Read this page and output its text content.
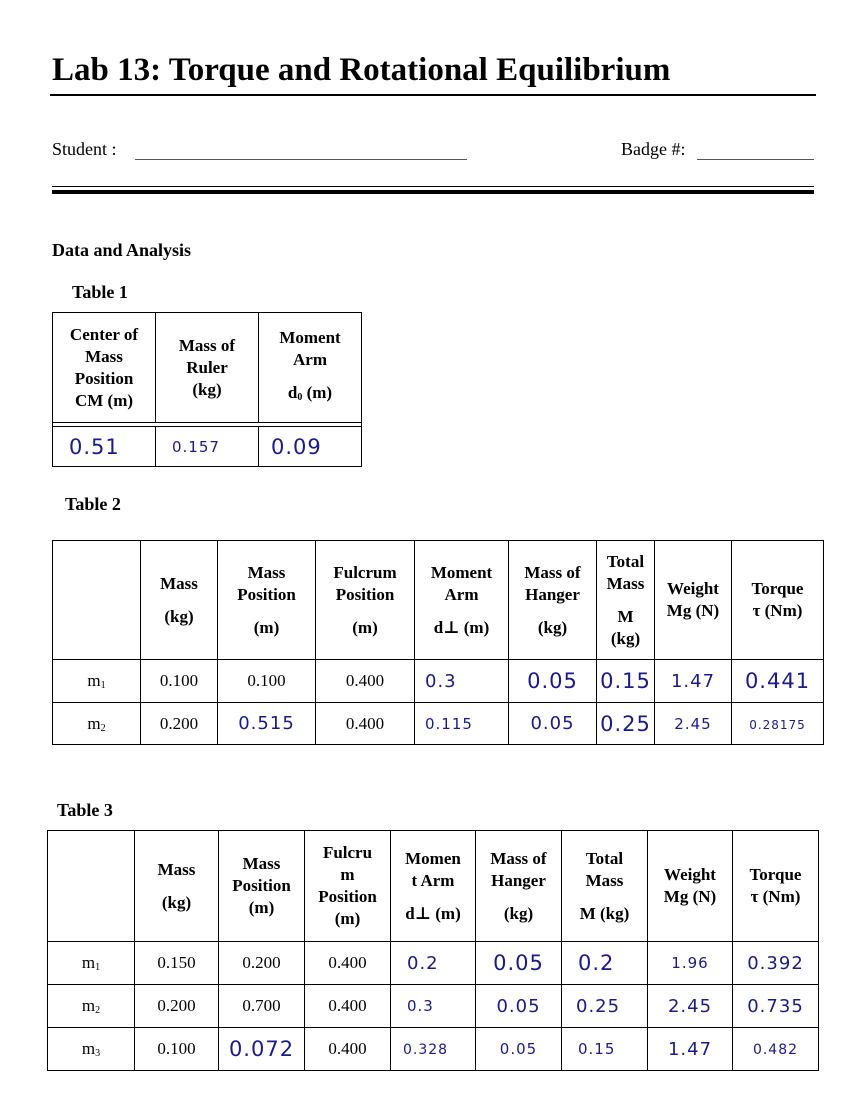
Lab 13: Torque and Rotational Equilibrium
Student :	Badge #:
Data and Analysis
Table 1
Center of
Mass
Position
CM (m)	Mass of
Ruler
(kg)	Moment
Arm

$d_0$ (m)

0.51	0.157	0.09
Table 2
	Mass
(kg)	Mass
Position
(m)	Fulcrum
Position
(m)	Moment
Arm
d⊥ (m)	Mass of
Hanger
(kg)	Total
Mass
M
(kg)	Weight
Mg (N)	Torque
τ (Nm)
$m_1$	0.100	0.100	0.400	0.3	0.05	0.15	1.47	0.441
$m_2$	0.200	0.515	0.400	0.115	0.05	0.25	2.45	0.28175
Table 3
	Mass
(kg)	Mass
Position
(m)	Fulcru
m
Position
(m)	Momen
t Arm
d⊥ (m)	Mass of
Hanger
(kg)	Total
Mass
M (kg)	Weight
Mg (N)	Torque
τ (Nm)
$m_1$	0.150	0.200	0.400	0.2	0.05	0.2	1.96	0.392
$m_2$	0.200	0.700	0.400	0.3	0.05	0.25	2.45	0.735
$m_3$	0.100	0.072	0.400	0.328	0.05	0.15	1.47	0.482
